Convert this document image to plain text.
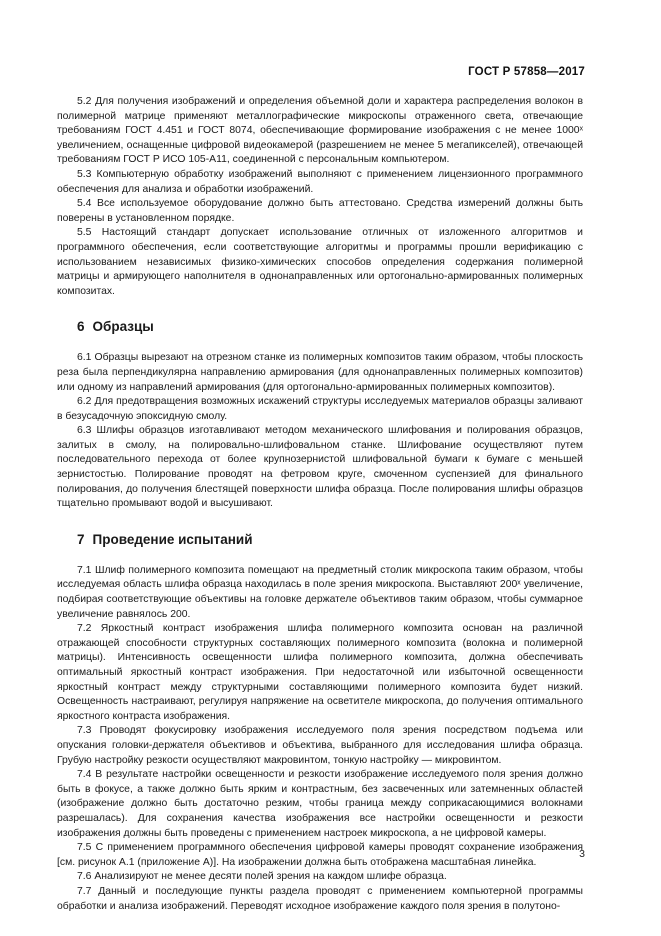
ГОСТ Р 57858—2017

5.2 Для получения изображений и определения объемной доли и характера распределения волокон в полимерной матрице применяют металлографические микроскопы отраженного света, отвечающие требованиям ГОСТ 4.451 и ГОСТ 8074, обеспечивающие формирование изображения с не менее 1000ˣ увеличением, оснащенные цифровой видеокамерой (разрешением не менее 5 мегапикселей), отвечающей требованиям ГОСТ Р ИСО 105-А11, соединенной с персональным компьютером.

5.3 Компьютерную обработку изображений выполняют с применением лицензионного программного обеспечения для анализа и обработки изображений.

5.4 Все используемое оборудование должно быть аттестовано. Средства измерений должны быть поверены в установленном порядке.

5.5 Настоящий стандарт допускает использование отличных от изложенного алгоритмов и программного обеспечения, если соответствующие алгоритмы и программы прошли верификацию с использованием независимых физико-химических способов определения содержания полимерной матрицы и армирующего наполнителя в однонаправленных или ортогонально-армированных полимерных композитах.

6 Образцы

6.1 Образцы вырезают на отрезном станке из полимерных композитов таким образом, чтобы плоскость реза была перпендикулярна направлению армирования (для однонаправленных полимерных композитов) или одному из направлений армирования (для ортогонально-армированных полимерных композитов).

6.2 Для предотвращения возможных искажений структуры исследуемых материалов образцы заливают в безусадочную эпоксидную смолу.

6.3 Шлифы образцов изготавливают методом механического шлифования и полирования образцов, залитых в смолу, на полировально-шлифовальном станке. Шлифование осуществляют путем последовательного перехода от более крупнозернистой шлифовальной бумаги к бумаге с меньшей зернистостью. Полирование проводят на фетровом круге, смоченном суспензией для финального полирования, до получения блестящей поверхности шлифа образца. После полирования шлифы образцов тщательно промывают водой и высушивают.

7 Проведение испытаний

7.1 Шлиф полимерного композита помещают на предметный столик микроскопа таким образом, чтобы исследуемая область шлифа образца находилась в поле зрения микроскопа. Выставляют 200ˣ увеличение, подбирая соответствующие объективы на головке держателе объективов таким образом, чтобы суммарное увеличение равнялось 200.

7.2 Яркостный контраст изображения шлифа полимерного композита основан на различной отражающей способности структурных составляющих полимерного композита (волокна и полимерной матрицы). Интенсивность освещенности шлифа полимерного композита, должна обеспечивать оптимальный яркостный контраст изображения. При недостаточной или избыточной освещенности яркостный контраст между структурными составляющими полимерного композита будет низкий. Освещенность настраивают, регулируя напряжение на осветителе микроскопа, до получения оптимального яркостного контраста изображения.

7.3 Проводят фокусировку изображения исследуемого поля зрения посредством подъема или опускания головки-держателя объективов и объектива, выбранного для исследования шлифа образца. Грубую настройку резкости осуществляют макровинтом, тонкую настройку — микровинтом.

7.4 В результате настройки освещенности и резкости изображение исследуемого поля зрения должно быть в фокусе, а также должно быть ярким и контрастным, без засвеченных или затемненных областей (изображение должно быть достаточно резким, чтобы граница между соприкасающимися волокнами разрешалась). Для сохранения качества изображения все настройки освещенности и резкости изображения должны быть проведены с применением настроек микроскопа, а не цифровой камеры.

7.5 С применением программного обеспечения цифровой камеры проводят сохранение изображения [см. рисунок А.1 (приложение А)]. На изображении должна быть отображена масштабная линейка.

7.6 Анализируют не менее десяти полей зрения на каждом шлифе образца.

7.7 Данный и последующие пункты раздела проводят с применением компьютерной программы обработки и анализа изображений. Переводят исходное изображение каждого поля зрения в полутоно-

3
